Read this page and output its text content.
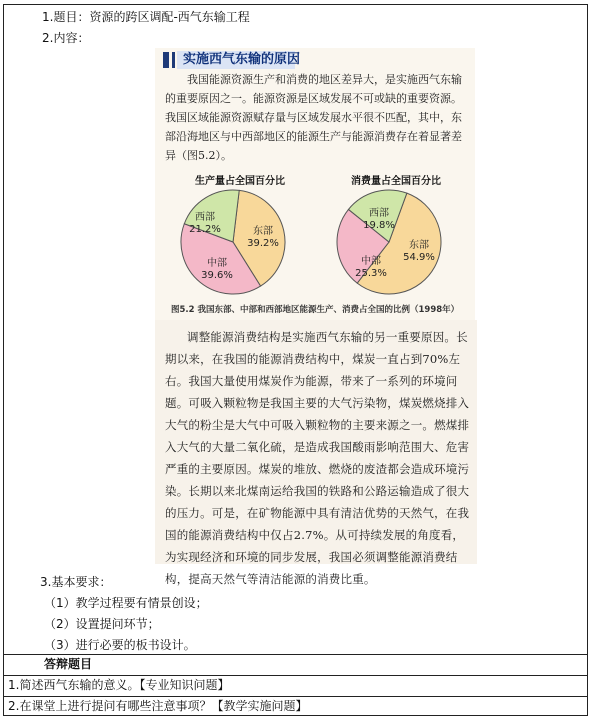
1.题目：资源的跨区调配-西气东输工程
2.内容：
实施西气东输的原因
我国能源资源生产和消费的地区差异大，是实施西气东输的重要原因之一。能源资源是区域发展不可或缺的重要资源。我国区域能源资源赋存量与区域发展水平很不匹配，其中，东部沿海地区与中西部地区的能源生产与能源消费存在着显著差异（图5.2）。
生产量占全国百分比	消费量占全国百分比
东部
39.2%
中部
39.6%
西部
21.2%
东部
54.9%
中部
25.3%
西部
19.8%
图5.2 我国东部、中部和西部地区能源生产、消费占全国的比例（1998年）
调整能源消费结构是实施西气东输的另一重要原因。长期以来，在我国的能源消费结构中，煤炭一直占到70%左右。我国大量使用煤炭作为能源，带来了一系列的环境问题。可吸入颗粒物是我国主要的大气污染物，煤炭燃烧排入大气的粉尘是大气中可吸入颗粒物的主要来源之一。燃煤排入大气的大量二氧化硫，是造成我国酸雨影响范围大、危害严重的主要原因。煤炭的堆放、燃烧的废渣都会造成环境污染。长期以来北煤南运给我国的铁路和公路运输造成了很大的压力。可是，在矿物能源中具有清洁优势的天然气，在我国的能源消费结构中仅占2.7%。从可持续发展的角度看，为实现经济和环境的同步发展，我国必须调整能源消费结构，提高天然气等清洁能源的消费比重。
3.基本要求：
（1）教学过程要有情景创设；
（2）设置提问环节；
（3）进行必要的板书设计。
答辩题目
1.简述西气东输的意义。【专业知识问题】
2.在课堂上进行提问有哪些注意事项？【教学实施问题】
